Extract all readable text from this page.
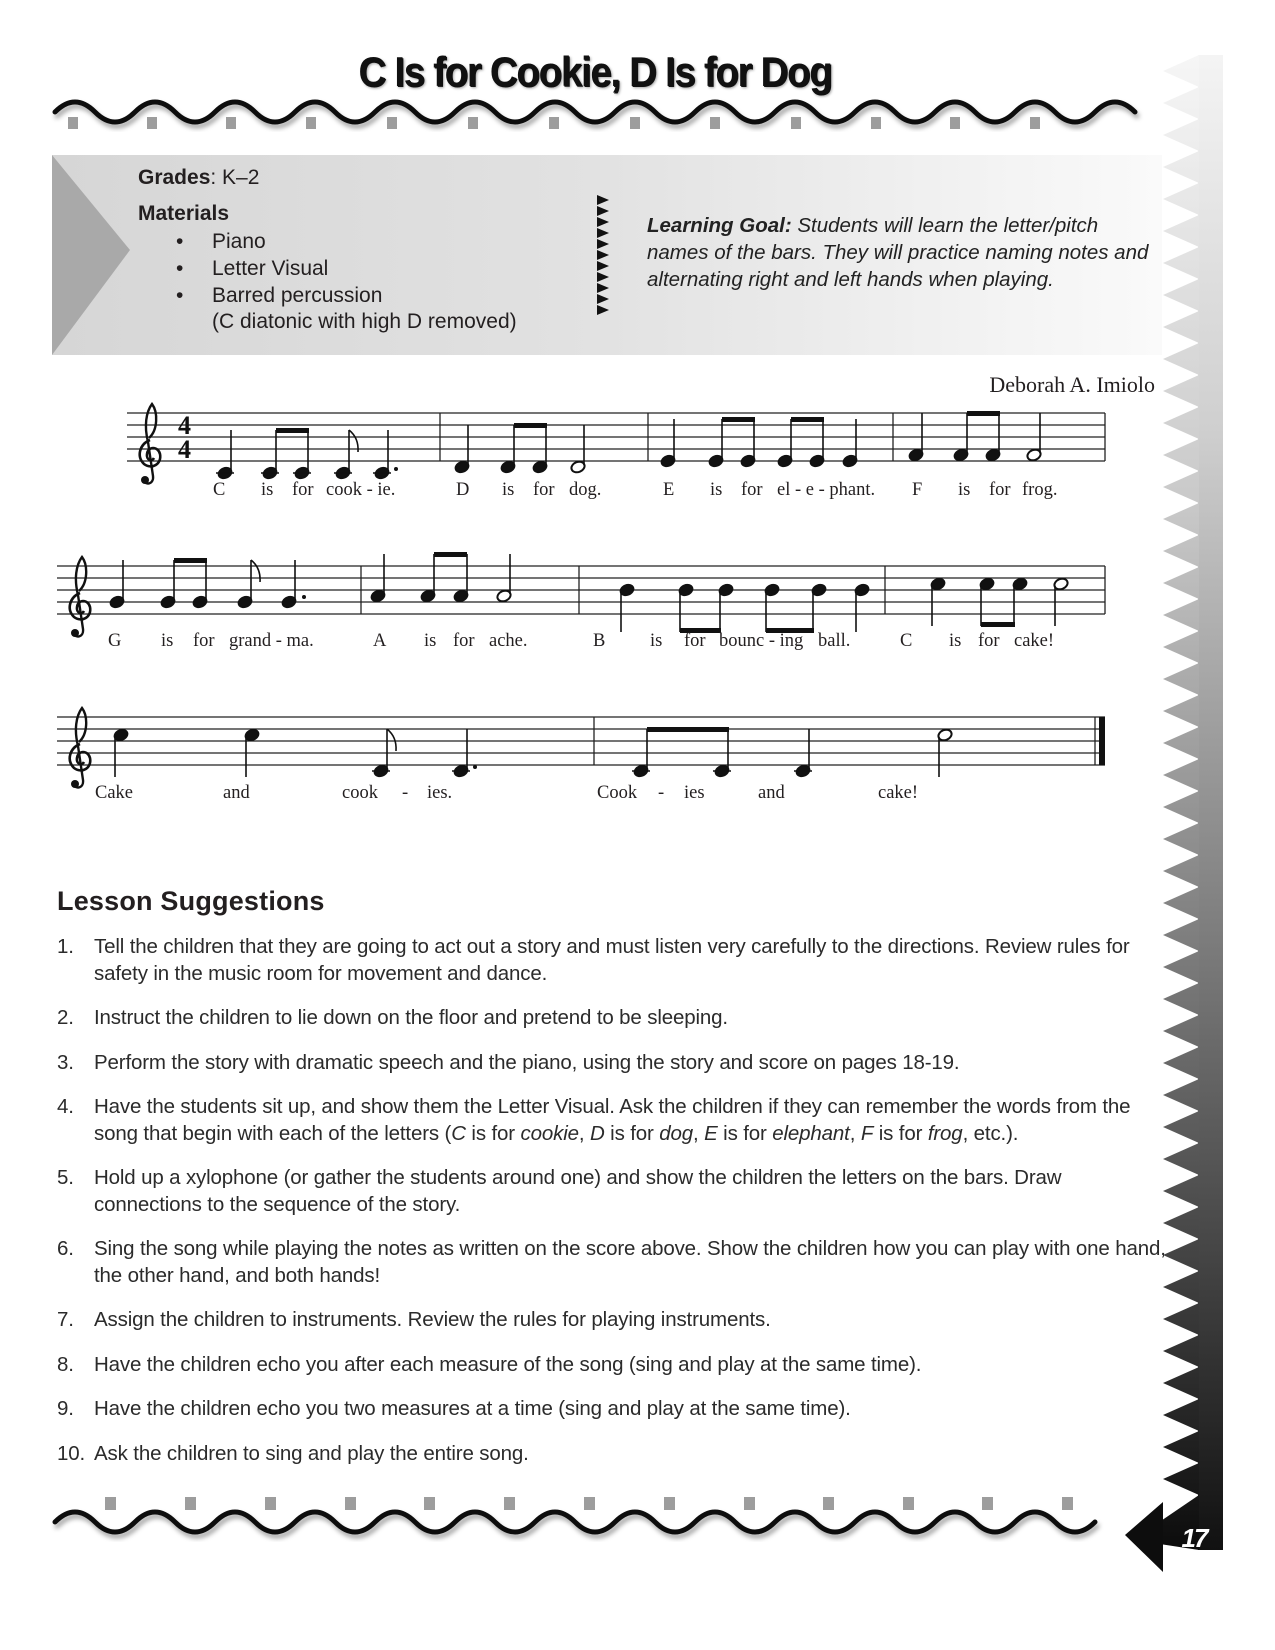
C Is for Cookie, D Is for Dog
Grades: K–2
Materials
• Piano
• Letter Visual
• Barred percussion
(C diatonic with high D removed)
Learning Goal: Students will learn the letter/pitch names of the bars. They will practice naming notes and alternating right and left hands when playing.
Deborah A. Imiolo
4
4
C is for cook - ie.	D is for dog.	E is for el - e - phant. F is for frog.
G is for grand - ma.	A is for ache.	B is for bounc - ing ball.	C is for cake!
Cake	and	cook - ies.	Cook - ies	and	cake!
Lesson Suggestions
1. Tell the children that they are going to act out a story and must listen very carefully to the directions. Review rules for safety in the music room for movement and dance.
2. Instruct the children to lie down on the floor and pretend to be sleeping.
3. Perform the story with dramatic speech and the piano, using the story and score on pages 18-19.
4. Have the students sit up, and show them the Letter Visual. Ask the children if they can remember the words from the song that begin with each of the letters (C is for cookie, D is for dog, E is for elephant, F is for frog, etc.).
5. Hold up a xylophone (or gather the students around one) and show the children the letters on the bars. Draw connections to the sequence of the story.
6. Sing the song while playing the notes as written on the score above. Show the children how you can play with one hand, the other hand, and both hands!
7. Assign the children to instruments. Review the rules for playing instruments.
8. Have the children echo you after each measure of the song (sing and play at the same time).
9. Have the children echo you two measures at a time (sing and play at the same time).
10. Ask the children to sing and play the entire song.
17
